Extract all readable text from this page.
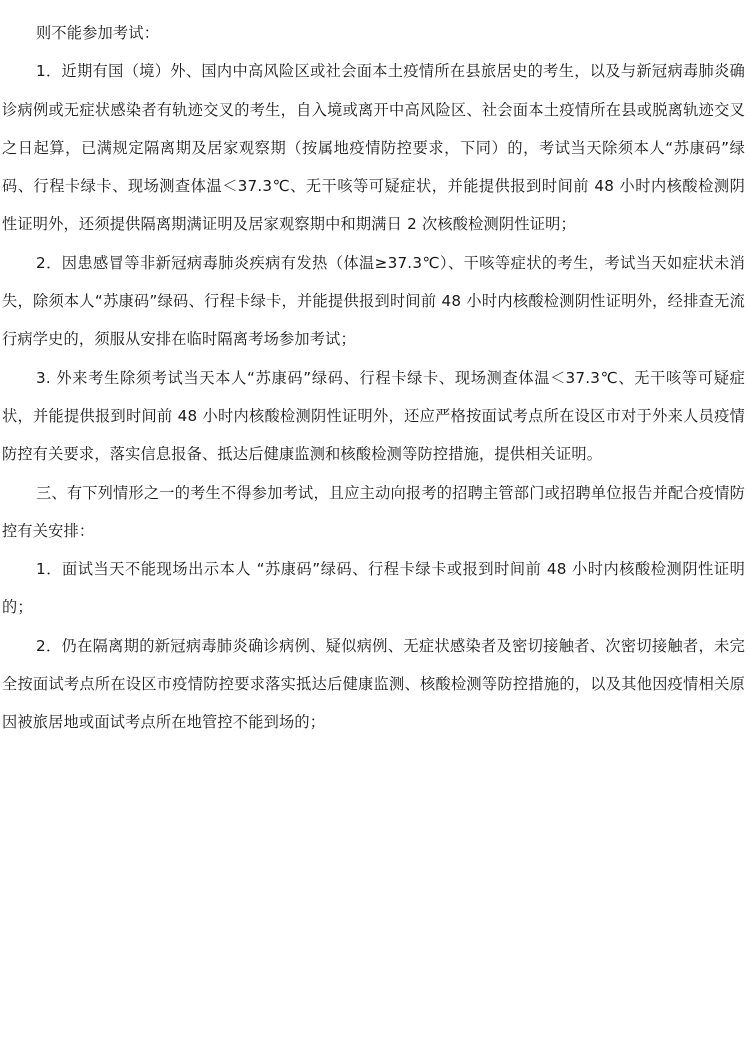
则不能参加考试：

1．近期有国（境）外、国内中高风险区或社会面本土疫情所在县旅居史的考生，以及与新冠病毒肺炎确诊病例或无症状感染者有轨迹交叉的考生，自入境或离开中高风险区、社会面本土疫情所在县或脱离轨迹交叉之日起算，已满规定隔离期及居家观察期（按属地疫情防控要求，下同）的，考试当天除须本人“苏康码”绿码、行程卡绿卡、现场测查体温＜37.3℃、无干咳等可疑症状，并能提供报到时间前 48 小时内核酸检测阴性证明外，还须提供隔离期满证明及居家观察期中和期满日 2 次核酸检测阴性证明；

2．因患感冒等非新冠病毒肺炎疾病有发热（体温≥37.3℃）、干咳等症状的考生，考试当天如症状未消失，除须本人“苏康码”绿码、行程卡绿卡，并能提供报到时间前 48 小时内核酸检测阴性证明外，经排查无流行病学史的，须服从安排在临时隔离考场参加考试；

3. 外来考生除须考试当天本人“苏康码”绿码、行程卡绿卡、现场测查体温＜37.3℃、无干咳等可疑症状，并能提供报到时间前 48 小时内核酸检测阴性证明外，还应严格按面试考点所在设区市对于外来人员疫情防控有关要求，落实信息报备、抵达后健康监测和核酸检测等防控措施，提供相关证明。

三、有下列情形之一的考生不得参加考试，且应主动向报考的招聘主管部门或招聘单位报告并配合疫情防控有关安排：

1．面试当天不能现场出示本人 “苏康码”绿码、行程卡绿卡或报到时间前 48 小时内核酸检测阴性证明的；

2．仍在隔离期的新冠病毒肺炎确诊病例、疑似病例、无症状感染者及密切接触者、次密切接触者，未完全按面试考点所在设区市疫情防控要求落实抵达后健康监测、核酸检测等防控措施的，以及其他因疫情相关原因被旅居地或面试考点所在地管控不能到场的；
